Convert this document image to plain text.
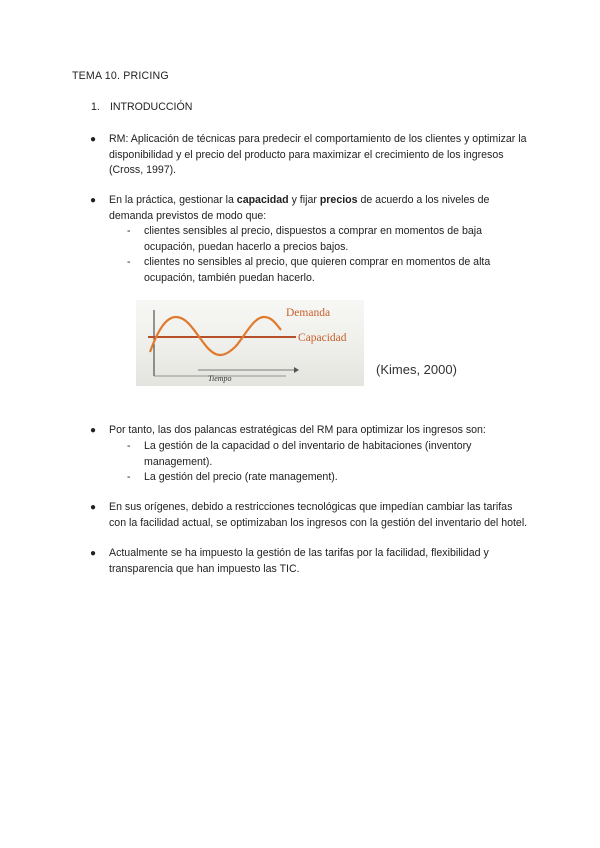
TEMA 10. PRICING
1. INTRODUCCIÓN
● RM: Aplicación de técnicas para predecir el comportamiento de los clientes y optimizar la disponibilidad y el precio del producto para maximizar el crecimiento de los ingresos (Cross, 1997).
● En la práctica, gestionar la capacidad y fijar precios de acuerdo a los niveles de demanda previstos de modo que:
- clientes sensibles al precio, dispuestos a comprar en momentos de baja ocupación, puedan hacerlo a precios bajos.
- clientes no sensibles al precio, que quieren comprar en momentos de alta ocupación, también puedan hacerlo.
Demanda
Capacidad
Tiempo
(Kimes, 2000)
● Por tanto, las dos palancas estratégicas del RM para optimizar los ingresos son:
- La gestión de la capacidad o del inventario de habitaciones (inventory management).
- La gestión del precio (rate management).
● En sus orígenes, debido a restricciones tecnológicas que impedían cambiar las tarifas con la facilidad actual, se optimizaban los ingresos con la gestión del inventario del hotel.
● Actualmente se ha impuesto la gestión de las tarifas por la facilidad, flexibilidad y transparencia que han impuesto las TIC.
